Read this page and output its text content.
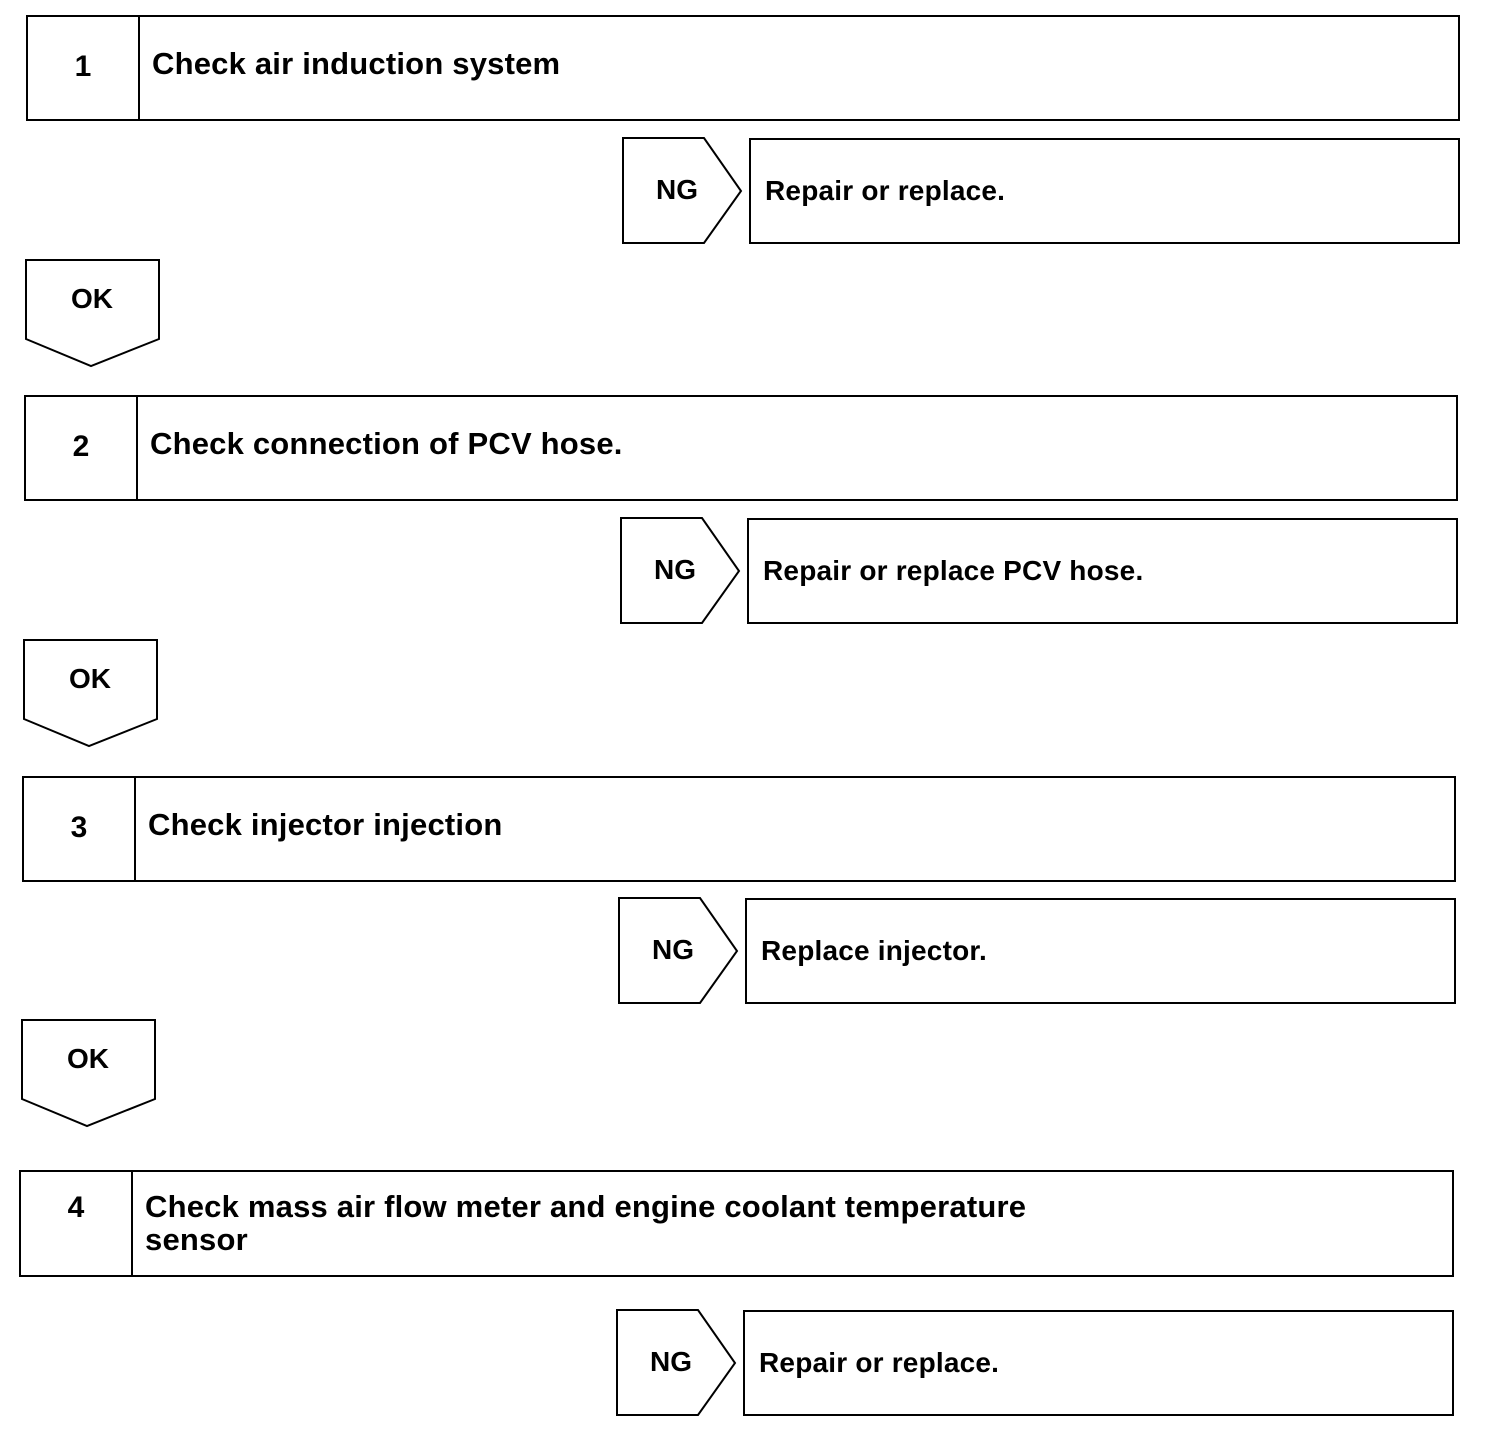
1	Check air induction system
NG	Repair or replace.
OK
2	Check connection of PCV hose.
NG	Repair or replace PCV hose.
OK
3	Check injector injection
NG	Replace injector.
OK
4	Check mass air flow meter and engine coolant temperature sensor
NG	Repair or replace.
